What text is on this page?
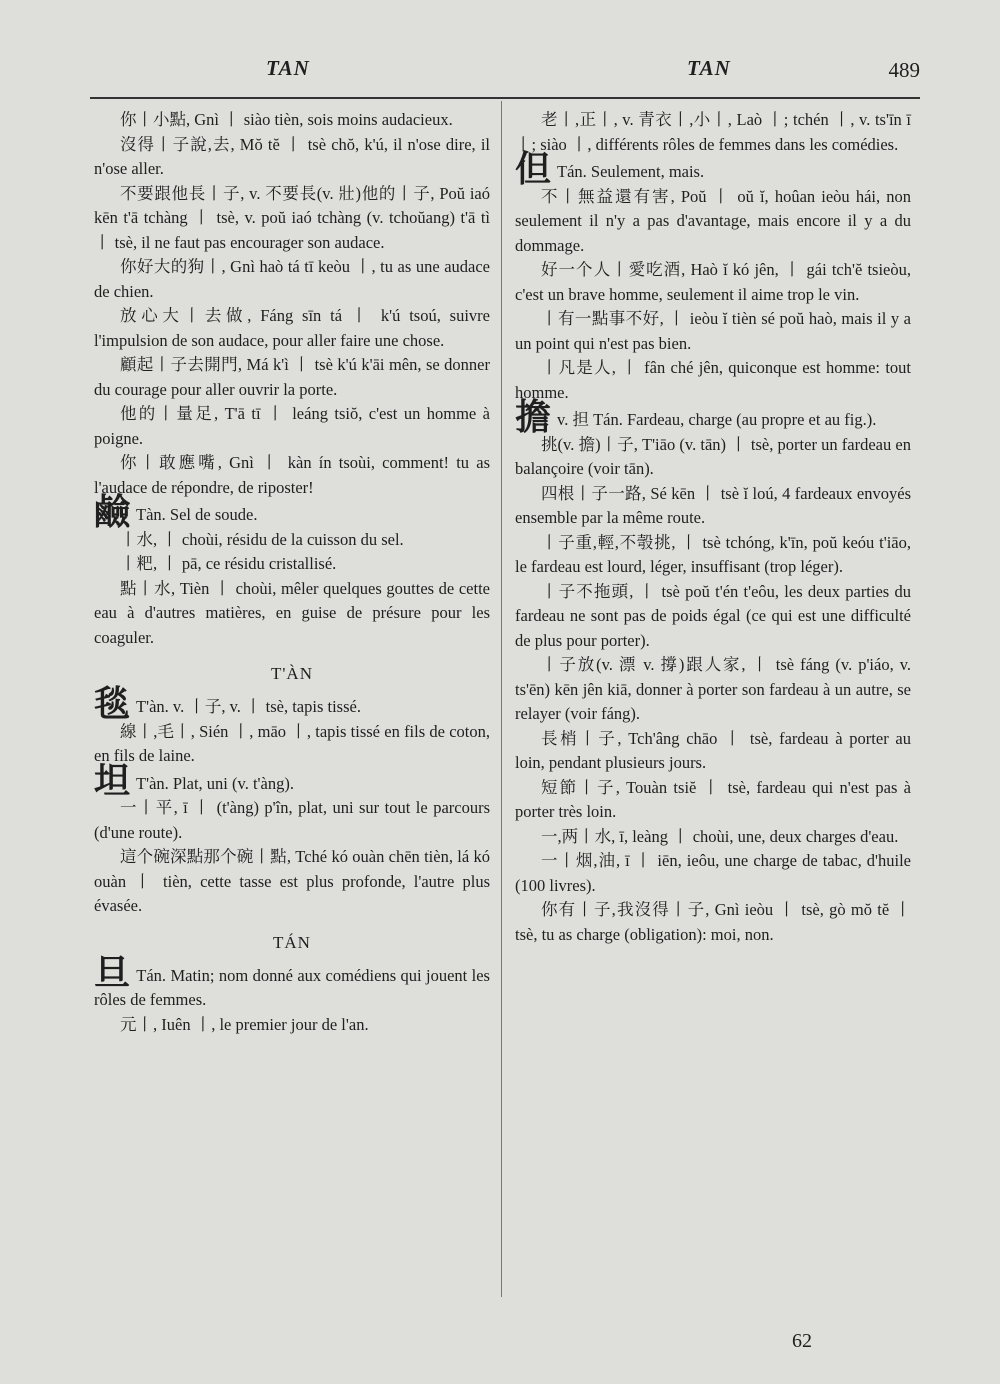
TAN	TAN	489

你丨小點, Gnì 丨 siào tièn, sois moins audacieux.

沒得丨子說,去, Mŏ tĕ 丨 tsè chŏ, k'ú, il n'ose dire, il n'ose aller.

不要跟他長丨子, v. 不要長(v. 壯)他的丨子, Poŭ iaó kēn t'ā tchàng 丨 tsè, v. poŭ iaó tchàng (v. tchoŭang) t'ā tì 丨 tsè, il ne faut pas encourager son audace.

你好大的狗丨, Gnì haò tá tī keòu 丨, tu as une audace de chien.

放心大丨去做, Fáng sīn tá 丨 k'ú tsoú, suivre l'impulsion de son audace, pour aller faire une chose.

顧起丨子去開門, Má k'ì 丨 tsè k'ú k'āi mên, se donner du courage pour aller ouvrir la porte.

他的丨量足, T'ā tī 丨 leáng tsiŏ, c'est un homme à poigne.

你丨敢應嘴, Gnì 丨 kàn ín tsoùi, comment! tu as l'audace de répondre, de riposter!

鹼 Tàn. Sel de soude.

丨水, 丨 choùi, résidu de la cuisson du sel.

丨粑, 丨 pā, ce résidu cristallisé.

點丨水, Tièn 丨 choùi, mêler quelques gouttes de cette eau à d'autres matières, en guise de présure pour les coaguler.

T'ÀN

毯 T'àn. v. 丨子, v. 丨 tsè, tapis tissé.

線丨,毛丨, Sién 丨, māo 丨, tapis tissé en fils de coton, en fils de laine.

坦 T'àn. Plat, uni (v. t'àng).

一丨平, ī 丨 (t'àng) p'în, plat, uni sur tout le parcours (d'une route).

這个碗深點那个碗丨點, Tché kó ouàn chēn tièn, lá kó ouàn 丨 tièn, cette tasse est plus profonde, l'autre plus évasée.

TÁN

旦 Tán. Matin; nom donné aux comédiens qui jouent les rôles de femmes.

元丨, Iuên 丨, le premier jour de l'an.

老丨,正丨, v. 青衣丨,小丨, Laò 丨; tchén 丨, v. ts'īn ī 丨; siào 丨, différents rôles de femmes dans les comédies.

但 Tán. Seulement, mais.

不丨無益還有害, Poŭ 丨 oŭ ĭ, hoûan ieòu hái, non seulement il n'y a pas d'avantage, mais encore il y a du dommage.

好一个人丨愛吃酒, Haò ĭ kó jên, 丨 gái tch'ĕ tsieòu, c'est un brave homme, seulement il aime trop le vin.

丨有一點事不好, 丨 ieòu ĭ tièn sé poŭ haò, mais il y a un point qui n'est pas bien.

丨凡是人, 丨 fân ché jên, quiconque est homme: tout homme.

擔v. 担 Tán. Fardeau, charge (au propre et au fig.).

挑(v. 擔)丨子, T'iāo (v. tān) 丨 tsè, porter un fardeau en balançoire (voir tān).

四根丨子一路, Sé kēn 丨 tsè ĭ loú, 4 fardeaux envoyés ensemble par la même route.

丨子重,輕,不彀挑, 丨 tsè tchóng, k'īn, poŭ keóu t'iāo, le fardeau est lourd, léger, insuffisant (trop léger).

丨子不拖頭, 丨 tsè poŭ t'én t'eôu, les deux parties du fardeau ne sont pas de poids égal (ce qui est une difficulté de plus pour porter).

丨子放(v. 漂 v. 撐)跟人家, 丨 tsè fáng (v. p'iáo, v. ts'ēn) kēn jên kiā, donner à porter son fardeau à un autre, se relayer (voir fáng).

長梢丨子, Tch'âng chāo 丨 tsè, fardeau à porter au loin, pendant plusieurs jours.

短節丨子, Touàn tsiĕ 丨 tsè, fardeau qui n'est pas à porter très loin.

一,两丨水, ī, leàng 丨 choùi, une, deux charges d'eau.

一丨烟,油, ī 丨 iēn, ieôu, une charge de tabac, d'huile (100 livres).

你有丨子,我沒得丨子, Gnì ieòu 丨 tsè, gò mŏ tĕ 丨 tsè, tu as charge (obligation): moi, non.

62
